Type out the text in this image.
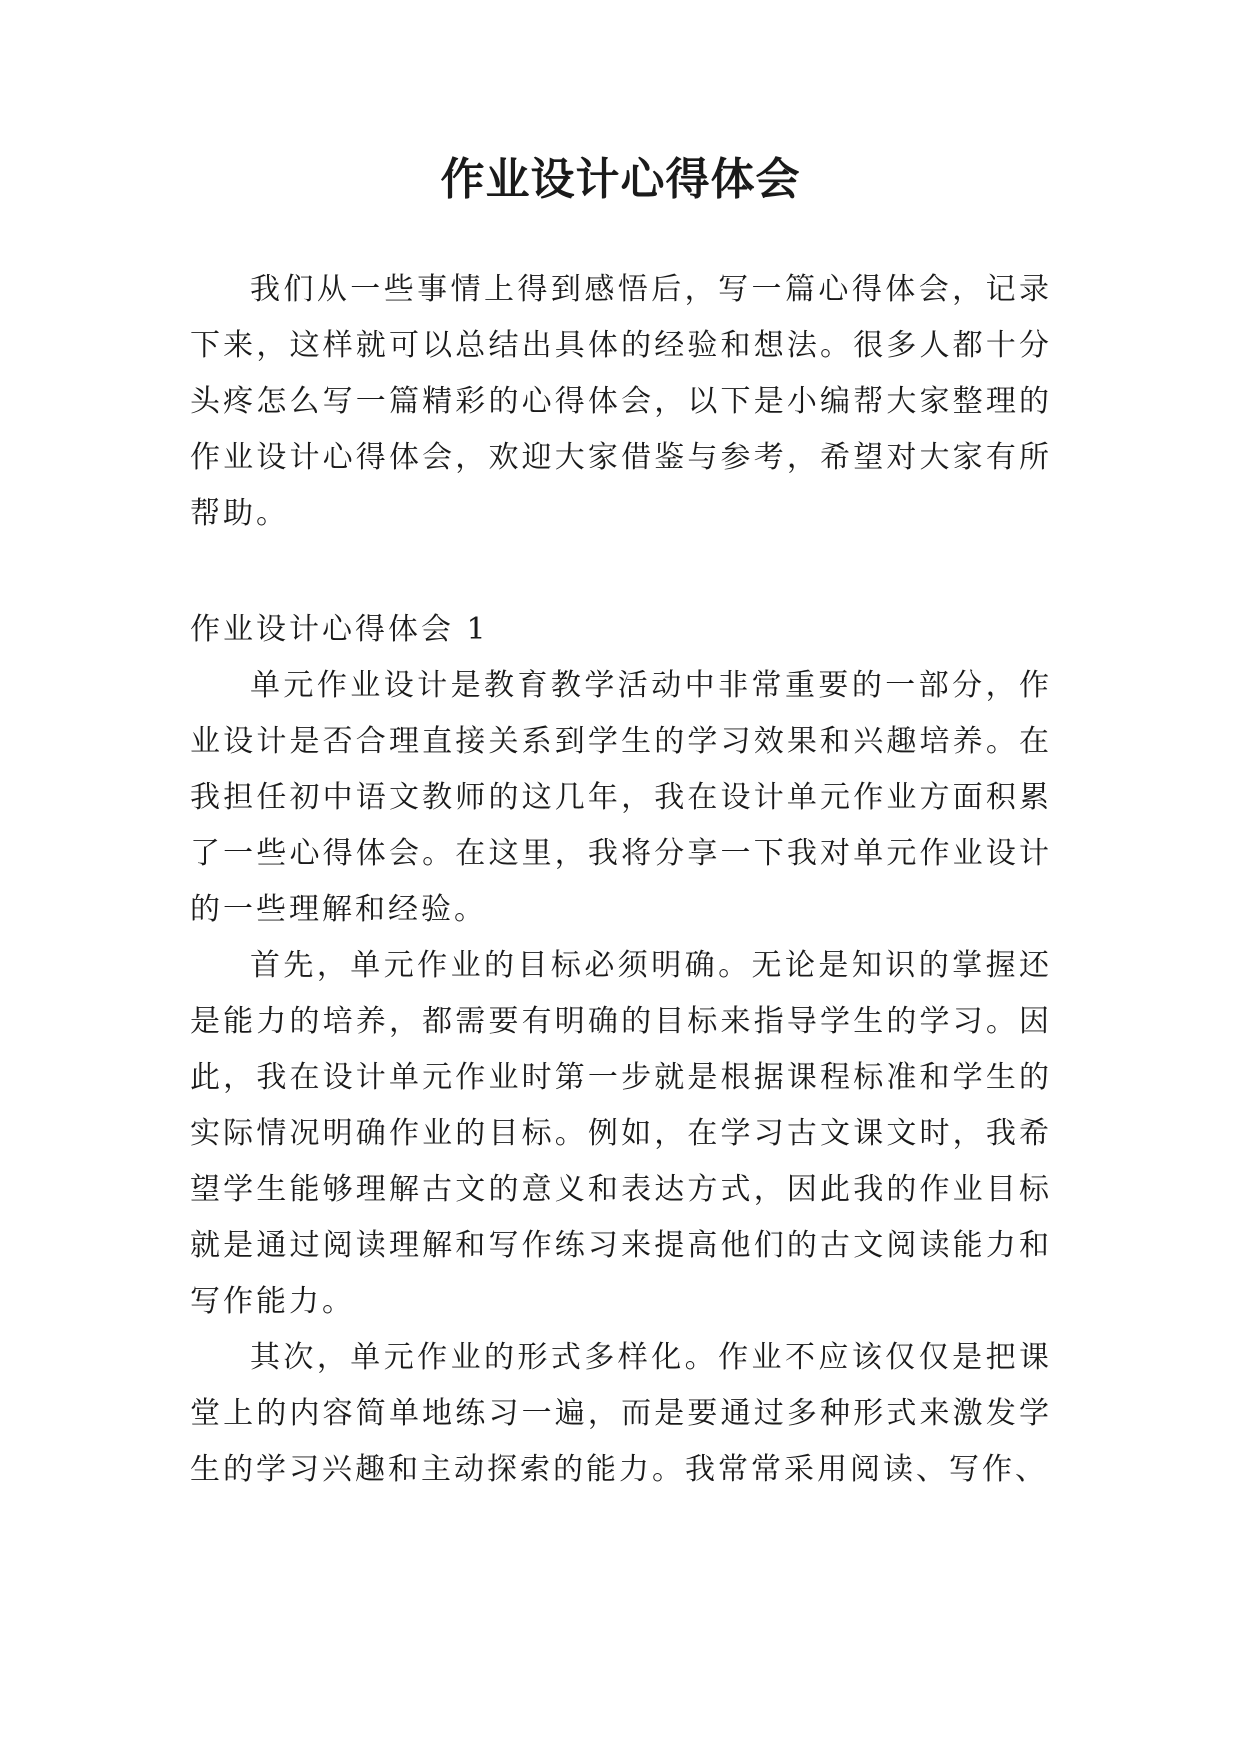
作业设计心得体会

我们从一些事情上得到感悟后，写一篇心得体会，记录下来，这样就可以总结出具体的经验和想法。很多人都十分头疼怎么写一篇精彩的心得体会，以下是小编帮大家整理的作业设计心得体会，欢迎大家借鉴与参考，希望对大家有所帮助。

作业设计心得体会 1

单元作业设计是教育教学活动中非常重要的一部分，作业设计是否合理直接关系到学生的学习效果和兴趣培养。在我担任初中语文教师的这几年，我在设计单元作业方面积累了一些心得体会。在这里，我将分享一下我对单元作业设计的一些理解和经验。

首先，单元作业的目标必须明确。无论是知识的掌握还是能力的培养，都需要有明确的目标来指导学生的学习。因此，我在设计单元作业时第一步就是根据课程标准和学生的实际情况明确作业的目标。例如，在学习古文课文时，我希望学生能够理解古文的意义和表达方式，因此我的作业目标就是通过阅读理解和写作练习来提高他们的古文阅读能力和写作能力。

其次，单元作业的形式多样化。作业不应该仅仅是把课堂上的内容简单地练习一遍，而是要通过多种形式来激发学生的学习兴趣和主动探索的能力。我常常采用阅读、写作、
